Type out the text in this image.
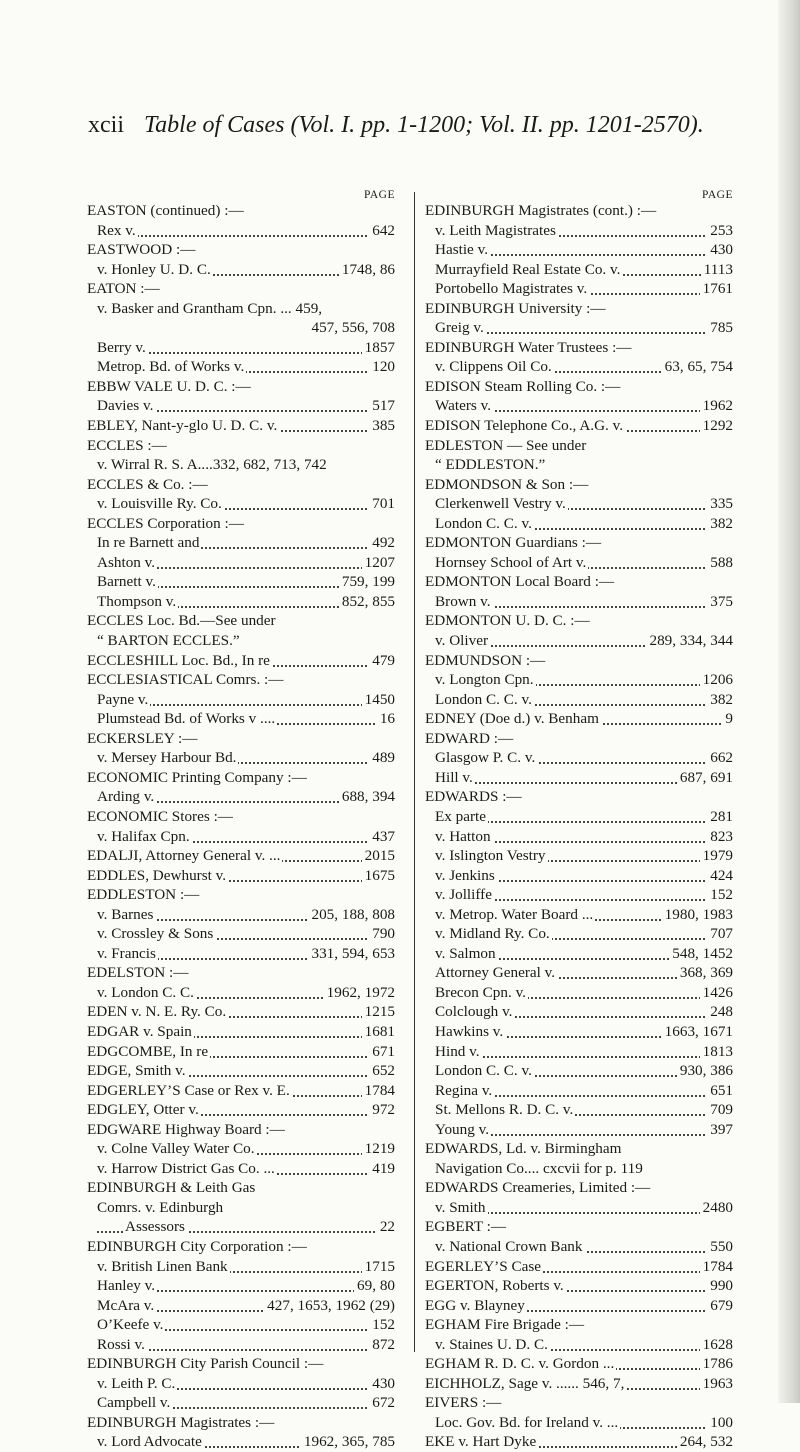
xcii Table of Cases (Vol. I. pp. 1-1200; Vol. II. pp. 1201-2570).
PAGE
EASTON (continued) :—
Rex v.	642
EASTWOOD :—
v. Honley U. D. C.	1748, 86
EATON :—
v. Basker and Grantham Cpn. ... 459,
457, 556, 708
Berry v.	1857
Metrop. Bd. of Works v.	120
EBBW VALE U. D. C. :—
Davies v.	517
EBLEY, Nant-y-glo U. D. C. v.	385
ECCLES :—
v. Wirral R. S. A....332, 682, 713, 742
ECCLES & Co. :—
v. Louisville Ry. Co.	701
ECCLES Corporation :—
In re Barnett and	492
Ashton v.	1207
Barnett v.	759, 199
Thompson v.	852, 855
ECCLES Loc. Bd.—See under
“ BARTON ECCLES.”
ECCLESHILL Loc. Bd., In re	479
ECCLESIASTICAL Comrs. :—
Payne v.	1450
Plumstead Bd. of Works v ....	16
ECKERSLEY :—
v. Mersey Harbour Bd.	489
ECONOMIC Printing Company :—
Arding v.	688, 394
ECONOMIC Stores :—
v. Halifax Cpn.	437
EDALJI, Attorney General v. ...	2015
EDDLES, Dewhurst v.	1675
EDDLESTON :—
v. Barnes	205, 188, 808
v. Crossley & Sons	790
v. Francis	331, 594, 653
EDELSTON :—
v. London C. C.	1962, 1972
EDEN v. N. E. Ry. Co.	1215
EDGAR v. Spain	1681
EDGCOMBE, In re	671
EDGE, Smith v.	652
EDGERLEY’S Case or Rex v. E.	1784
EDGLEY, Otter v.	972
EDGWARE Highway Board :—
v. Colne Valley Water Co.	1219
v. Harrow District Gas Co. ...	419
EDINBURGH & Leith Gas
Comrs. v. Edinburgh
Assessors	22
EDINBURGH City Corporation :—
v. British Linen Bank	1715
Hanley v.	69, 80
McAra v.	427, 1653, 1962 (29)
O’Keefe v.	152
Rossi v.	872
EDINBURGH City Parish Council :—
v. Leith P. C.	430
Campbell v.	672
EDINBURGH Magistrates :—
v. Lord Advocate	1962, 365, 785
PAGE
EDINBURGH Magistrates (cont.) :—
v. Leith Magistrates	253
Hastie v.	430
Murrayfield Real Estate Co. v.	1113
Portobello Magistrates v.	1761
EDINBURGH University :—
Greig v.	785
EDINBURGH Water Trustees :—
v. Clippens Oil Co.	63, 65, 754
EDISON Steam Rolling Co. :—
Waters v.	1962
EDISON Telephone Co., A.G. v.	1292
EDLESTON — See under
“ EDDLESTON.”
EDMONDSON & Son :—
Clerkenwell Vestry v.	335
London C. C. v.	382
EDMONTON Guardians :—
Hornsey School of Art v.	588
EDMONTON Local Board :—
Brown v.	375
EDMONTON U. D. C. :—
v. Oliver	289, 334, 344
EDMUNDSON :—
v. Longton Cpn.	1206
London C. C. v.	382
EDNEY (Doe d.) v. Benham	9
EDWARD :—
Glasgow P. C. v.	662
Hill v.	687, 691
EDWARDS :—
Ex parte	281
v. Hatton	823
v. Islington Vestry	1979
v. Jenkins	424
v. Jolliffe	152
v. Metrop. Water Board ...	1980, 1983
v. Midland Ry. Co.	707
v. Salmon	548, 1452
Attorney General v.	368, 369
Brecon Cpn. v.	1426
Colclough v.	248
Hawkins v.	1663, 1671
Hind v.	1813
London C. C. v.	930, 386
Regina v.	651
St. Mellons R. D. C. v.	709
Young v.	397
EDWARDS, Ld. v. Birmingham
Navigation Co.... cxcvii for p. 119
EDWARDS Creameries, Limited :—
v. Smith	2480
EGBERT :—
v. National Crown Bank	550
EGERLEY’S Case	1784
EGERTON, Roberts v.	990
EGG v. Blayney	679
EGHAM Fire Brigade :—
v. Staines U. D. C.	1628
EGHAM R. D. C. v. Gordon ...	1786
EICHHOLZ, Sage v. ...... 546, 7,	1963
EIVERS :—
Loc. Gov. Bd. for Ireland v. ...	100
EKE v. Hart Dyke	264, 532
